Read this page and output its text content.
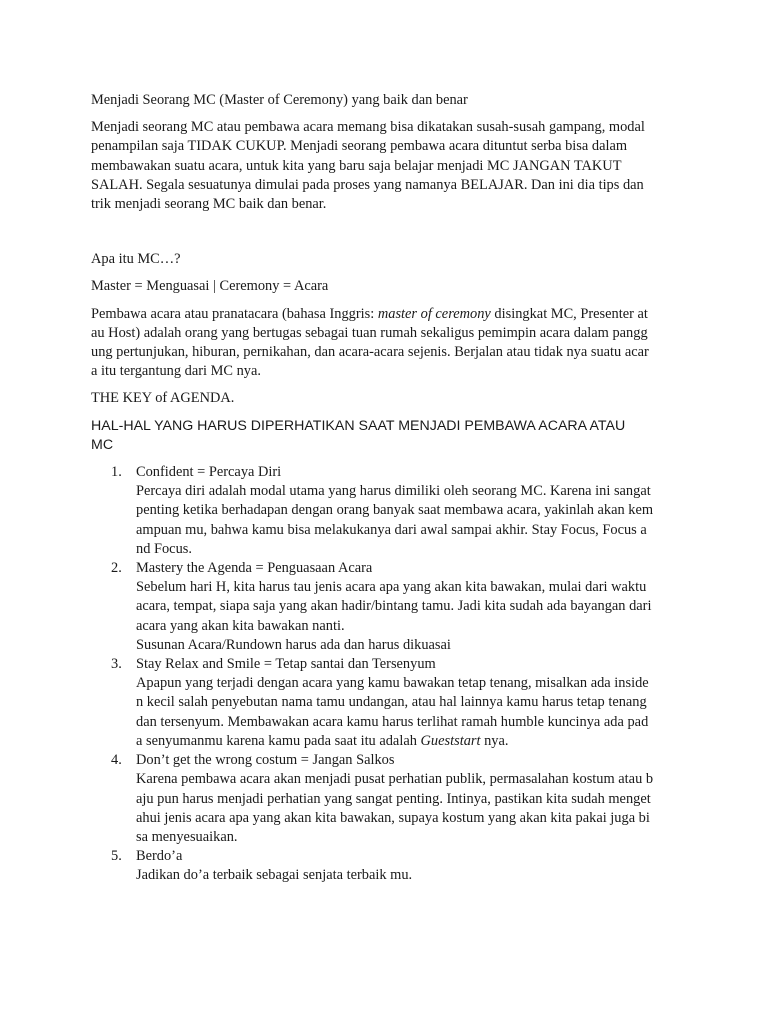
Menjadi Seorang MC (Master of Ceremony) yang baik dan benar
Menjadi seorang MC atau pembawa acara memang bisa dikatakan susah-susah gampang, modal
penampilan saja TIDAK CUKUP. Menjadi seorang pembawa acara dituntut serba bisa dalam
membawakan suatu acara, untuk kita yang baru saja belajar menjadi MC JANGAN TAKUT
SALAH. Segala sesuatunya dimulai pada proses yang namanya BELAJAR. Dan ini dia tips dan
trik menjadi seorang MC baik dan benar.
Apa itu MC…?
Master = Menguasai | Ceremony = Acara
Pembawa acara atau pranatacara (bahasa Inggris: master of ceremony disingkat MC, Presenter at
au Host) adalah orang yang bertugas sebagai tuan rumah sekaligus pemimpin acara dalam pangg
ung pertunjukan, hiburan, pernikahan, dan acara-acara sejenis. Berjalan atau tidak nya suatu acar
a itu tergantung dari MC nya.
THE KEY of AGENDA.
HAL-HAL YANG HARUS DIPERHATIKAN SAAT MENJADI PEMBAWA ACARA ATAU
MC
1. Confident = Percaya Diri
Percaya diri adalah modal utama yang harus dimiliki oleh seorang MC. Karena ini sangat
penting ketika berhadapan dengan orang banyak saat membawa acara, yakinlah akan kem
ampuan mu, bahwa kamu bisa melakukanya dari awal sampai akhir. Stay Focus, Focus a
nd Focus.
2. Mastery the Agenda = Penguasaan Acara
Sebelum hari H, kita harus tau jenis acara apa yang akan kita bawakan, mulai dari waktu
acara, tempat, siapa saja yang akan hadir/bintang tamu. Jadi kita sudah ada bayangan dari
acara yang akan kita bawakan nanti.
Susunan Acara/Rundown harus ada dan harus dikuasai
3. Stay Relax and Smile = Tetap santai dan Tersenyum
Apapun yang terjadi dengan acara yang kamu bawakan tetap tenang, misalkan ada inside
n kecil salah penyebutan nama tamu undangan, atau hal lainnya kamu harus tetap tenang
dan tersenyum. Membawakan acara kamu harus terlihat ramah humble kuncinya ada pad
a senyumanmu karena kamu pada saat itu adalah Gueststart nya.
4. Don’t get the wrong costum = Jangan Salkos
Karena pembawa acara akan menjadi pusat perhatian publik, permasalahan kostum atau b
aju pun harus menjadi perhatian yang sangat penting. Intinya, pastikan kita sudah menget
ahui jenis acara apa yang akan kita bawakan, supaya kostum yang akan kita pakai juga bi
sa menyesuaikan.
5. Berdo’a
Jadikan do’a terbaik sebagai senjata terbaik mu.
